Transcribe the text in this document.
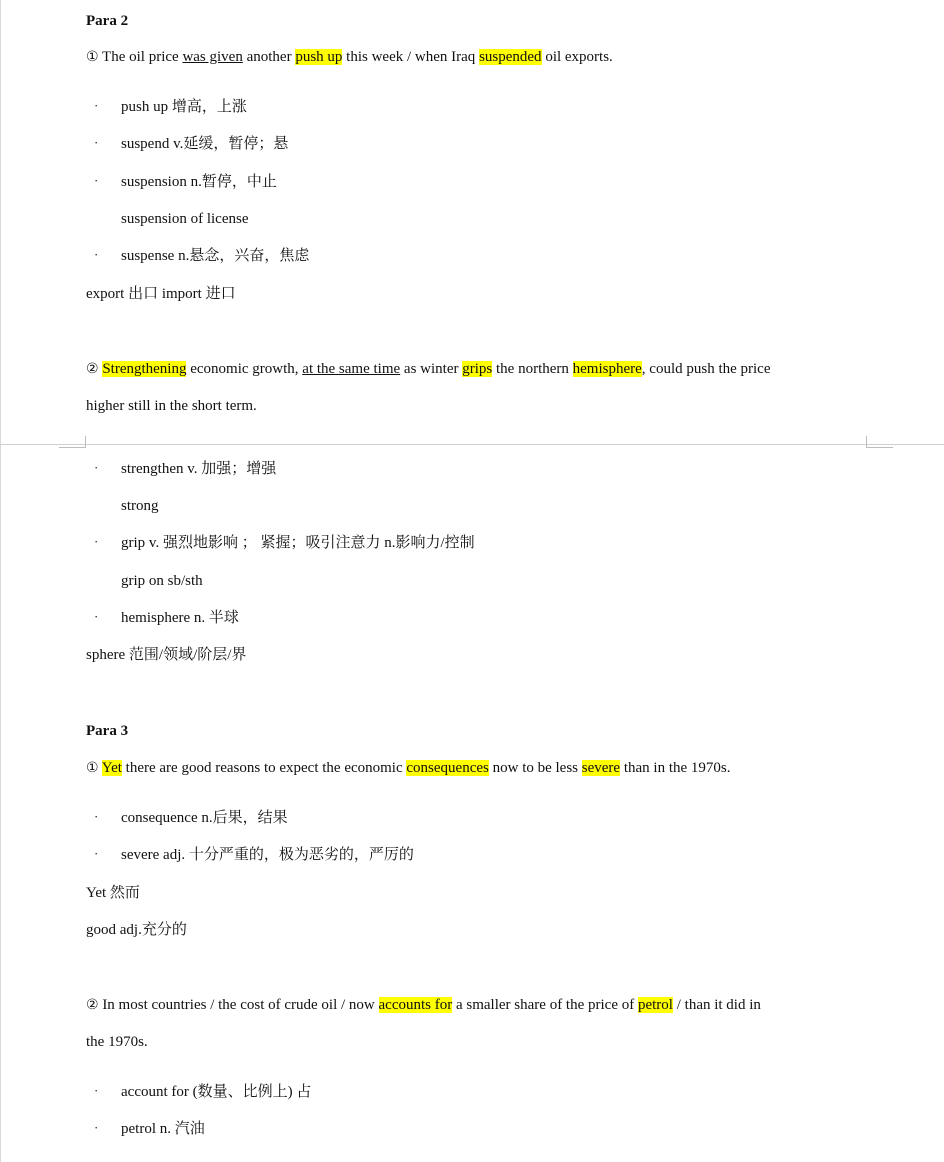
Para 2
① The oil price was given another push up this week / when Iraq suspended oil exports.
· push up 增高，上涨
· suspend v.延缓，暂停；悬
· suspension n.暂停，中止
suspension of license
· suspense n.悬念，兴奋，焦虑
export 出口 import 进口
② Strengthening economic growth, at the same time as winter grips the northern hemisphere, could push the price
higher still in the short term.
· strengthen v. 加强；增强
strong
· grip v. 强烈地影响 ； 紧握；吸引注意力 n.影响力/控制
grip on sb/sth
· hemisphere n. 半球
sphere 范围/领域/阶层/界
Para 3
① Yet there are good reasons to expect the economic consequences now to be less severe than in the 1970s.
· consequence n.后果，结果
· severe adj. 十分严重的，极为恶劣的，严厉的
Yet 然而
good adj.充分的
② In most countries / the cost of crude oil / now accounts for a smaller share of the price of petrol / than it did in
the 1970s.
· account for (数量、比例上) 占
· petrol n. 汽油
